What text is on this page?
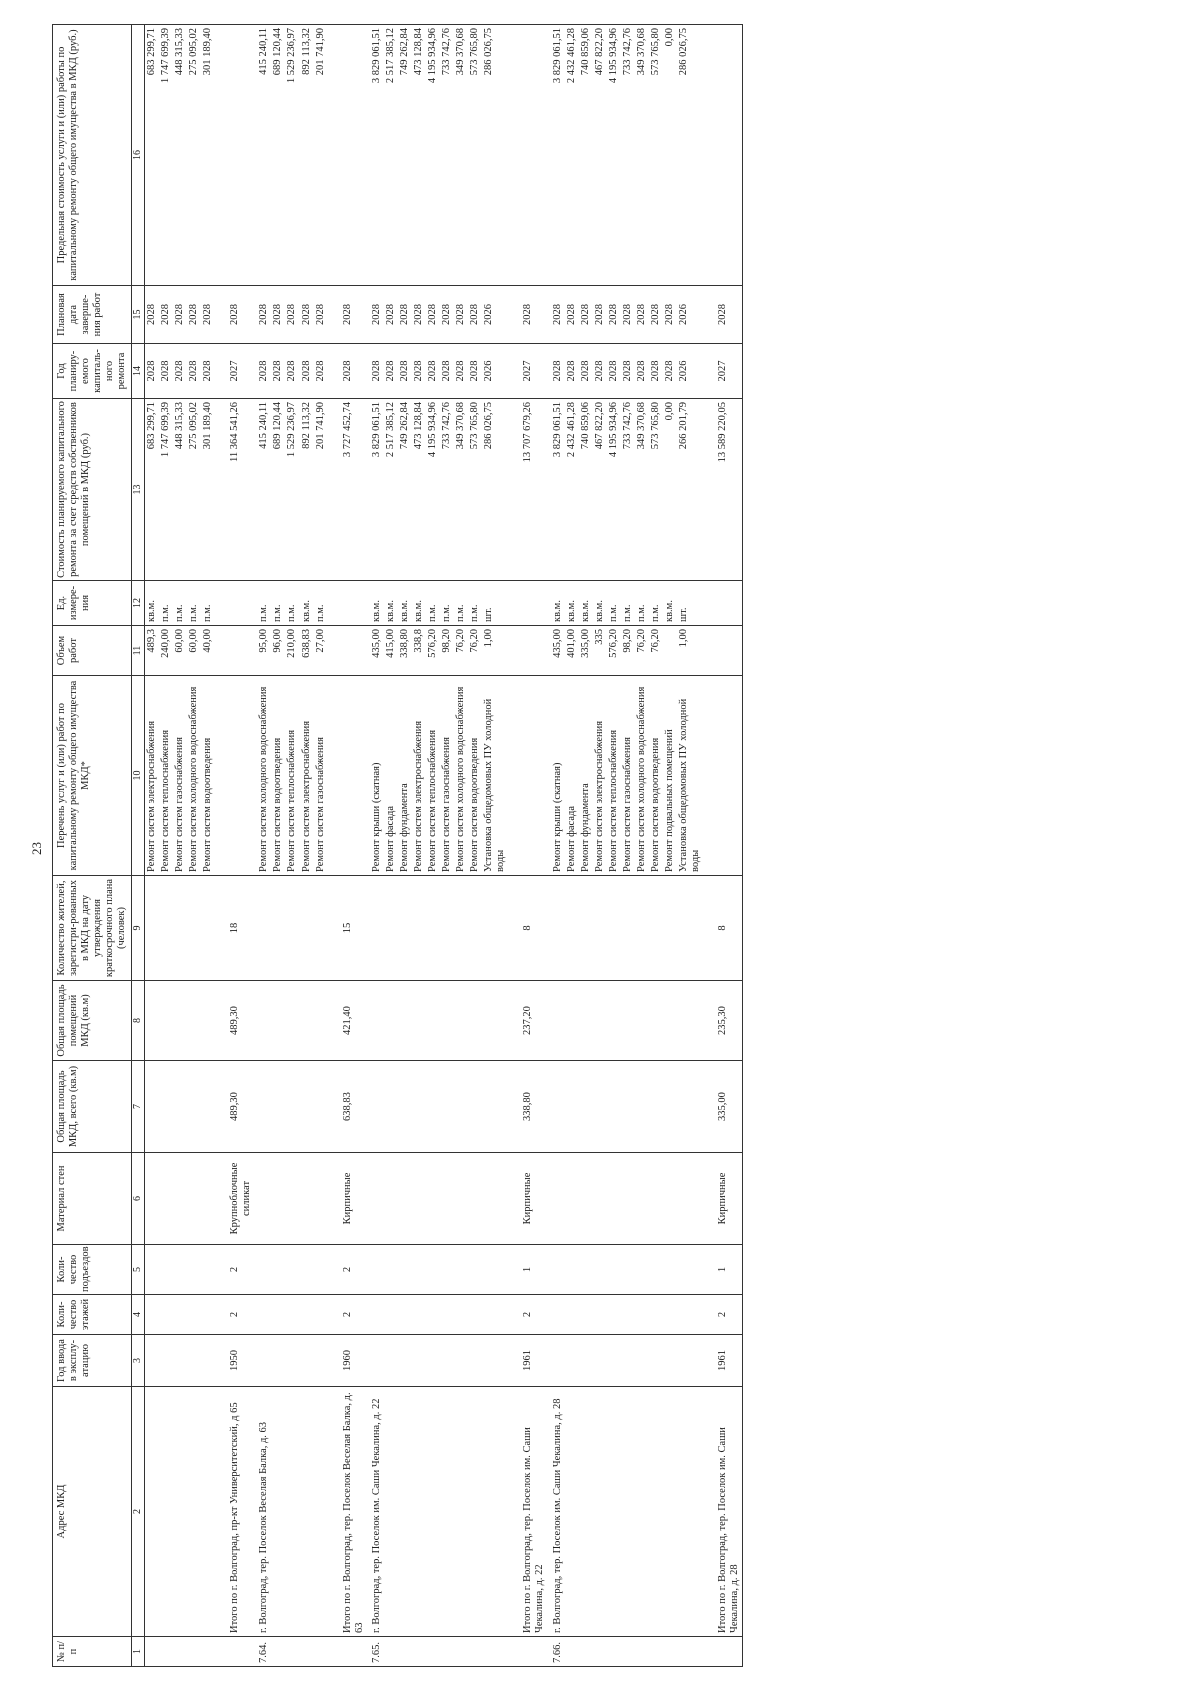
23
№ п/п	Адрес МКД	Год ввода в эксплу-атацию	Коли-чество этажей	Коли-чество подъездов	Материал стен	Общая площадь МКД, всего (кв.м)	Общая площадь помещений МКД (кв.м)	Количество жителей, зарегистри-рованных в МКД на дату утверждения краткосрочного плана (человек)	Перечень услуг и (или) работ по капитальному ремонту общего имущества МКД*	Объем работ	Ед. измере-ния	Стоимость планируемого капитального ремонта за счет средств собственников помещений в МКД (руб.)	Год планиру-емого капиталь-ного ремонта	Плановая дата заверше-ния работ	Предельная стоимость услуги и (или) работы по капитальному ремонту общего имущества в МКД (руб.)
1	2	3	4	5	6	7	8	9	10	11	12	13	14	15	16
									Ремонт систем электроснабжения	489,3	кв.м.	683 299,71	2028	2028	683 299,71
									Ремонт систем теплоснабжения	240,00	п.м.	1 747 699,39	2028	2028	1 747 699,39
									Ремонт систем газоснабжения	60,00	п.м.	448 315,33	2028	2028	448 315,33
									Ремонт систем холодного водоснабжения	60,00	п.м.	275 095,02	2028	2028	275 095,02
									Ремонт систем водоотведения	40,00	п.м.	301 189,40	2028	2028	301 189,40
	Итого по г. Волгоград, пр-кт Университетский, д 65	1950	2	2	Крупноблочные силикат	489,30	489,30	18				11 364 541,26	2027	2028	
7.64.	г. Волгоград, тер. Поселок Веселая Балка, д. 63								Ремонт систем холодного водоснабжения	95,00	п.м.	415 240,11	2028	2028	415 240,11
									Ремонт систем водоотведения	96,00	п.м.	689 120,44	2028	2028	689 120,44
									Ремонт систем теплоснабжения	210,00	п.м.	1 529 236,97	2028	2028	1 529 236,97
									Ремонт систем электроснабжения	638,83	кв.м.	892 113,32	2028	2028	892 113,32
									Ремонт систем газоснабжения	27,00	п.м.	201 741,90	2028	2028	201 741,90
	Итого по г. Волгоград, тер. Поселок Веселая Балка, д. 63	1960	2	2	Кирпичные	638,83	421,40	15				3 727 452,74	2028	2028	
7.65.	г. Волгоград, тер. Поселок им. Саши Чекалина, д. 22								Ремонт крыши (скатная)	435,00	кв.м.	3 829 061,51	2028	2028	3 829 061,51
									Ремонт фасада	415,00	кв.м.	2 517 385,12	2028	2028	2 517 385,12
									Ремонт фундамента	338,80	кв.м.	749 262,84	2028	2028	749 262,84
									Ремонт систем электроснабжения	338,8	кв.м.	473 128,84	2028	2028	473 128,84
									Ремонт систем теплоснабжения	576,20	п.м.	4 195 934,96	2028	2028	4 195 934,96
									Ремонт систем газоснабжения	98,20	п.м.	733 742,76	2028	2028	733 742,76
									Ремонт систем холодного водоснабжения	76,20	п.м.	349 370,68	2028	2028	349 370,68
									Ремонт систем водоотведения	76,20	п.м.	573 765,80	2028	2028	573 765,80
									Установка общедомовых ПУ холодной воды	1,00	шт.	286 026,75	2026	2026	286 026,75
	Итого по г. Волгоград, тер. Поселок им. Саши Чекалина, д. 22	1961	2	1	Кирпичные	338,80	237,20	8				13 707 679,26	2027	2028	
7.66.	г. Волгоград, тер. Поселок им. Саши Чекалина, д. 28								Ремонт крыши (скатная)	435,00	кв.м.	3 829 061,51	2028	2028	3 829 061,51
									Ремонт фасада	401,00	кв.м.	2 432 461,28	2028	2028	2 432 461,28
									Ремонт фундамента	335,00	кв.м.	740 859,06	2028	2028	740 859,06
									Ремонт систем электроснабжения	335	кв.м.	467 822,20	2028	2028	467 822,20
									Ремонт систем теплоснабжения	576,20	п.м.	4 195 934,96	2028	2028	4 195 934,96
									Ремонт систем газоснабжения	98,20	п.м.	733 742,76	2028	2028	733 742,76
									Ремонт систем холодного водоснабжения	76,20	п.м.	349 370,68	2028	2028	349 370,68
									Ремонт систем водоотведения	76,20	п.м.	573 765,80	2028	2028	573 765,80
									Ремонт подвальных помещений		кв.м.	0,00	2028	2028	0,00
									Установка общедомовых ПУ холодной воды	1,00	шт.	266 201,79	2026	2026	286 026,75
	Итого по г. Волгоград, тер. Поселок им. Саши Чекалина, д. 28	1961	2	1	Кирпичные	335,00	235,30	8				13 589 220,05	2027	2028	
